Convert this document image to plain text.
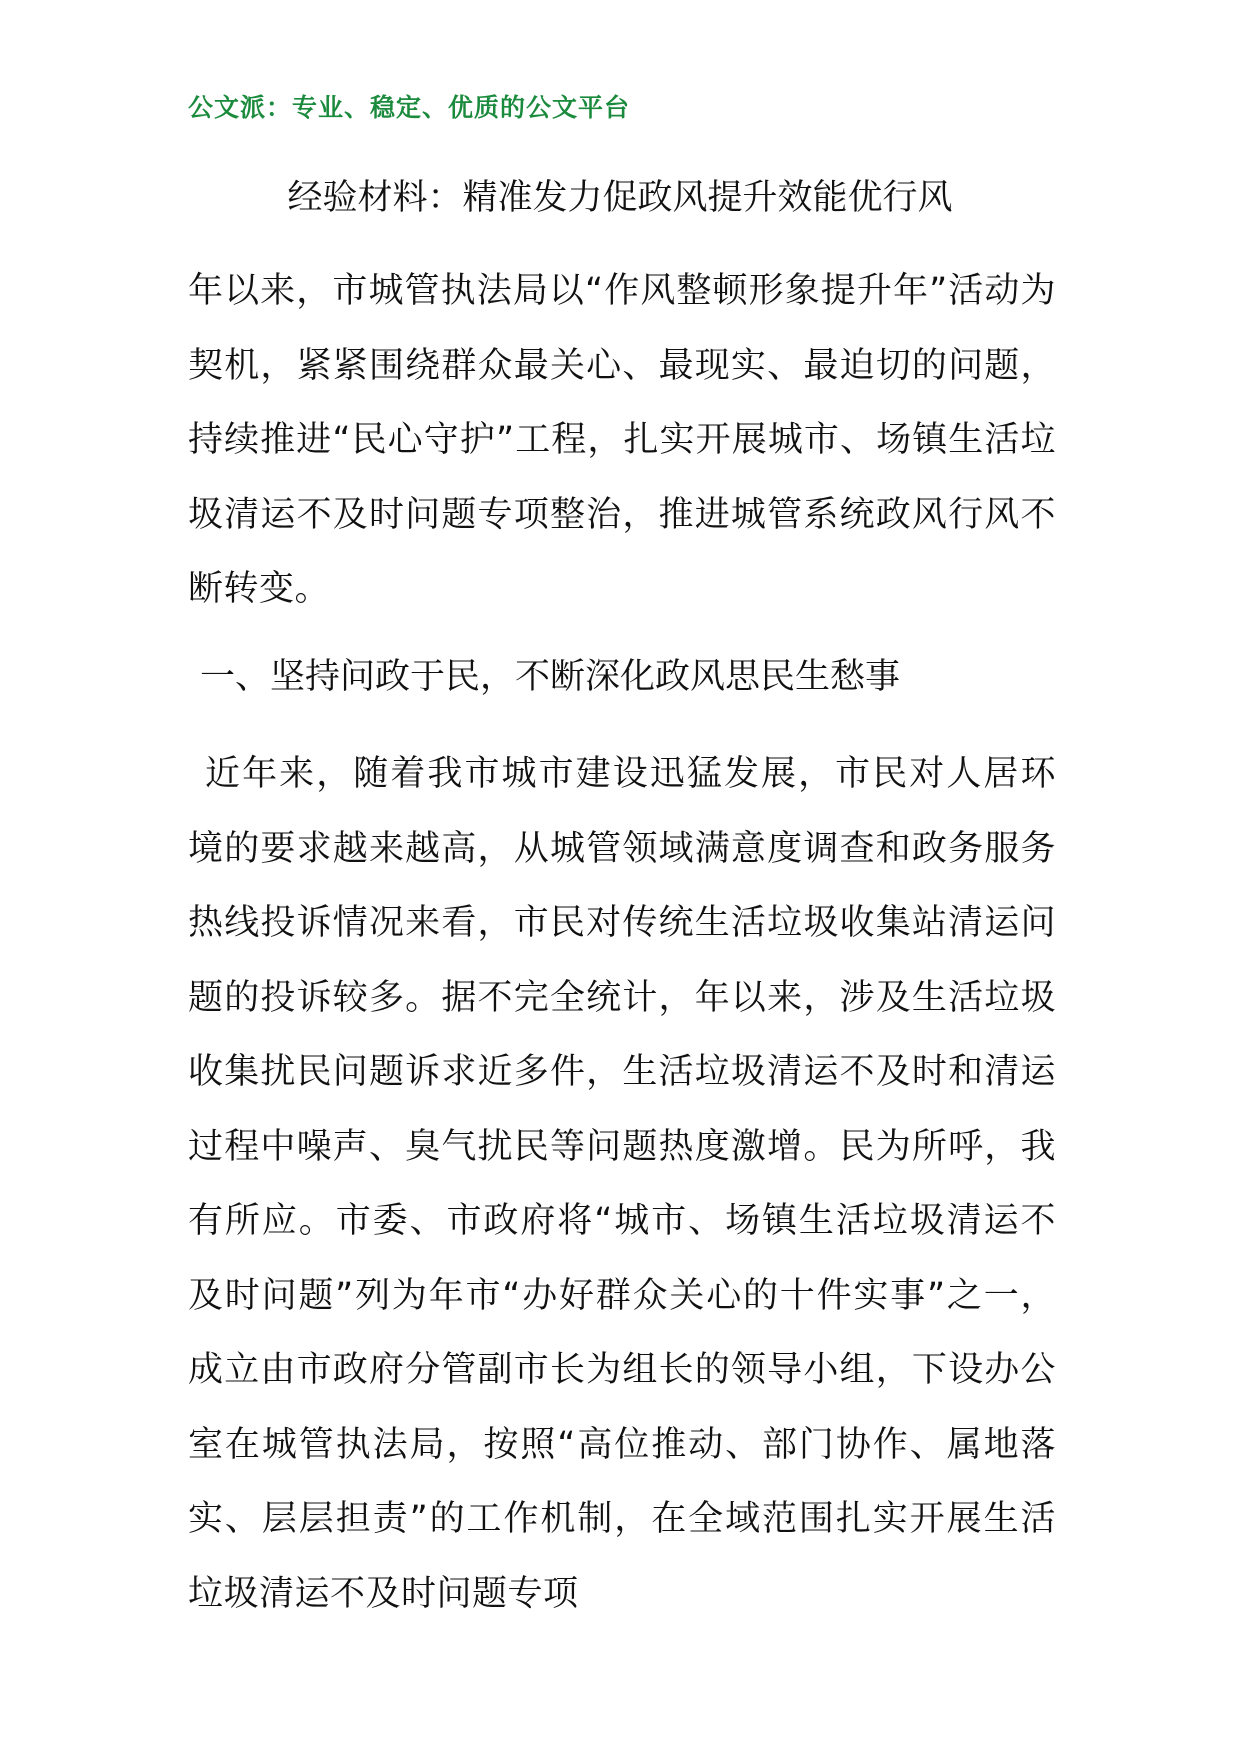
公文派：专业、稳定、优质的公文平台
经验材料：精准发力促政风提升效能优行风
年以来，市城管执法局以“作风整顿形象提升年”活动为契机，紧紧围绕群众最关心、最现实、最迫切的问题，持续推进“民心守护”工程，扎实开展城市、场镇生活垃圾清运不及时问题专项整治，推进城管系统政风行风不断转变。
一、坚持问政于民，不断深化政风思民生愁事
近年来，随着我市城市建设迅猛发展，市民对人居环境的要求越来越高，从城管领域满意度调查和政务服务热线投诉情况来看，市民对传统生活垃圾收集站清运问题的投诉较多。据不完全统计，年以来，涉及生活垃圾收集扰民问题诉求近多件，生活垃圾清运不及时和清运过程中噪声、臭气扰民等问题热度激增。民为所呼，我有所应。市委、市政府将“城市、场镇生活垃圾清运不及时问题”列为年市“办好群众关心的十件实事”之一，成立由市政府分管副市长为组长的领导小组，下设办公室在城管执法局，按照“高位推动、部门协作、属地落实、层层担责”的工作机制，在全域范围扎实开展生活垃圾清运不及时问题专项
